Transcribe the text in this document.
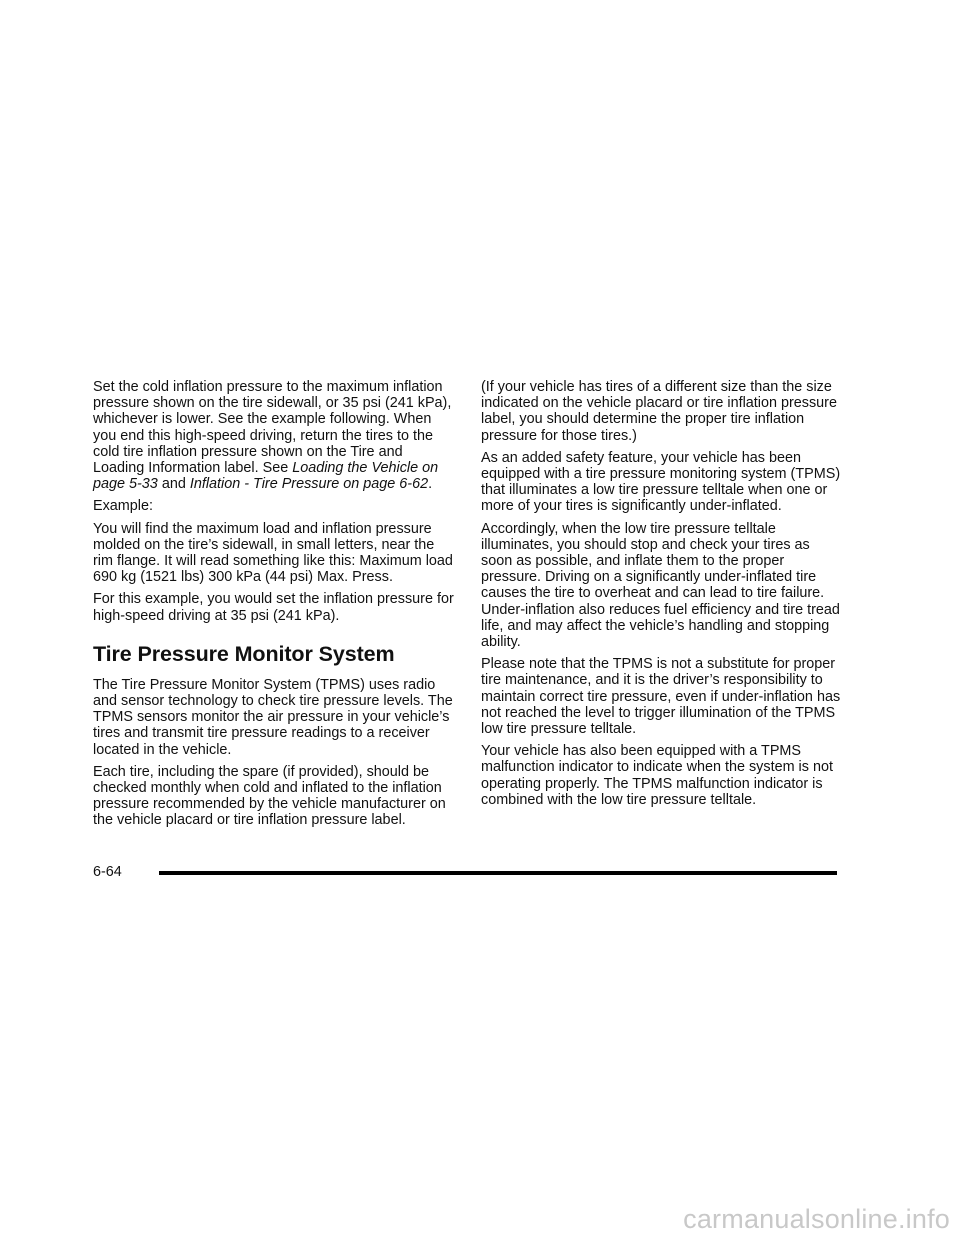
Set the cold inflation pressure to the maximum inflation pressure shown on the tire sidewall, or 35 psi (241 kPa), whichever is lower. See the example following. When you end this high-speed driving, return the tires to the cold tire inflation pressure shown on the Tire and Loading Information label. See Loading the Vehicle on page 5-33 and Inflation - Tire Pressure on page 6-62.

Example:

You will find the maximum load and inflation pressure molded on the tire’s sidewall, in small letters, near the rim flange. It will read something like this: Maximum load 690 kg (1521 lbs) 300 kPa (44 psi) Max. Press.

For this example, you would set the inflation pressure for high-speed driving at 35 psi (241 kPa).

Tire Pressure Monitor System

The Tire Pressure Monitor System (TPMS) uses radio and sensor technology to check tire pressure levels. The TPMS sensors monitor the air pressure in your vehicle’s tires and transmit tire pressure readings to a receiver located in the vehicle.

Each tire, including the spare (if provided), should be checked monthly when cold and inflated to the inflation pressure recommended by the vehicle manufacturer on the vehicle placard or tire inflation pressure label.

(If your vehicle has tires of a different size than the size indicated on the vehicle placard or tire inflation pressure label, you should determine the proper tire inflation pressure for those tires.)

As an added safety feature, your vehicle has been equipped with a tire pressure monitoring system (TPMS) that illuminates a low tire pressure telltale when one or more of your tires is significantly under-inflated.

Accordingly, when the low tire pressure telltale illuminates, you should stop and check your tires as soon as possible, and inflate them to the proper pressure. Driving on a significantly under-inflated tire causes the tire to overheat and can lead to tire failure. Under-inflation also reduces fuel efficiency and tire tread life, and may affect the vehicle’s handling and stopping ability.

Please note that the TPMS is not a substitute for proper tire maintenance, and it is the driver’s responsibility to maintain correct tire pressure, even if under-inflation has not reached the level to trigger illumination of the TPMS low tire pressure telltale.

Your vehicle has also been equipped with a TPMS malfunction indicator to indicate when the system is not operating properly. The TPMS malfunction indicator is combined with the low tire pressure telltale.

6-64
carmanualsonline.info
